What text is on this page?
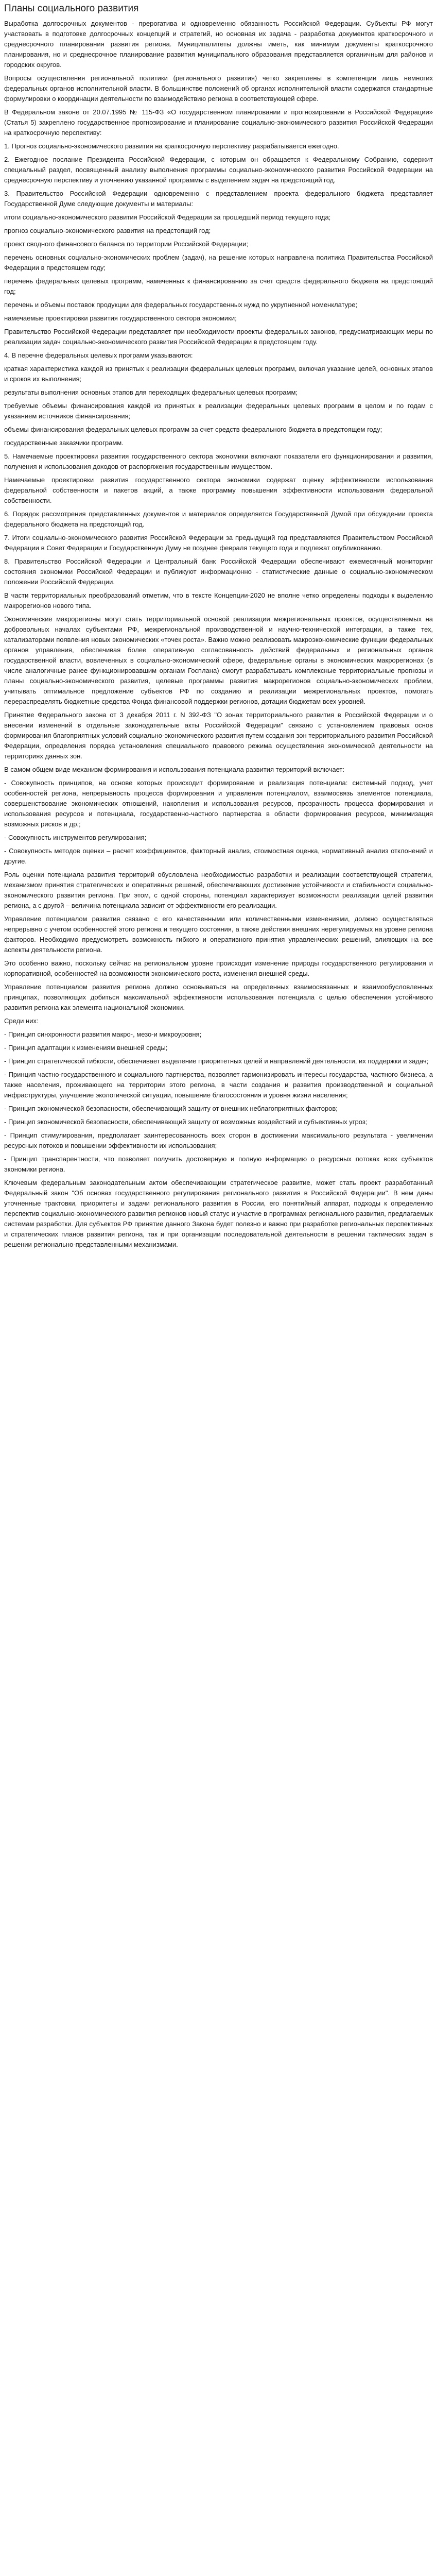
Планы социального развития

Выработка долгосрочных документов - прерогатива и одновременно обязанность Российской Федерации. Субъекты РФ могут участвовать в подготовке долгосрочных концепций и стратегий, но основная их задача - разработка документов краткосрочного и среднесрочного планирования развития региона. Муниципалитеты должны иметь, как минимум документы краткосрочного планирования, но и среднесрочное планирование развития муниципального образования представляется органичным для районов и городских округов.

Вопросы осуществления региональной политики (регионального развития) четко закреплены в компетенции лишь немногих федеральных органов исполнительной власти. В большинстве положений об органах исполнительной власти содержатся стандартные формулировки о координации деятельности по взаимодействию региона в соответствующей сфере.

В Федеральном законе от 20.07.1995 № 115-ФЗ «О государственном планировании и прогнозировании в Российской Федерации» (Статья 5) закреплено государственное прогнозирование и планирование социально-экономического развития Российской Федерации на краткосрочную перспективу:

1. Прогноз социально-экономического развития на краткосрочную перспективу разрабатывается ежегодно.

2. Ежегодное послание Президента Российской Федерации, с которым он обращается к Федеральному Собранию, содержит специальный раздел, посвященный анализу выполнения программы социально-экономического развития Российской Федерации на среднесрочную перспективу и уточнению указанной программы с выделением задач на предстоящий год.

3. Правительство Российской Федерации одновременно с представлением проекта федерального бюджета представляет Государственной Думе следующие документы и материалы:

итоги социально-экономического развития Российской Федерации за прошедший период текущего года;

прогноз социально-экономического развития на предстоящий год;

проект сводного финансового баланса по территории Российской Федерации;

перечень основных социально-экономических проблем (задач), на решение которых направлена политика Правительства Российской Федерации в предстоящем году;

перечень федеральных целевых программ, намеченных к финансированию за счет средств федерального бюджета на предстоящий год;

перечень и объемы поставок продукции для федеральных государственных нужд по укрупненной номенклатуре;

намечаемые проектировки развития государственного сектора экономики;

Правительство Российской Федерации представляет при необходимости проекты федеральных законов, предусматривающих меры по реализации задач социально-экономического развития Российской Федерации в предстоящем году.

4. В перечне федеральных целевых программ указываются:

краткая характеристика каждой из принятых к реализации федеральных целевых программ, включая указание целей, основных этапов и сроков их выполнения;

результаты выполнения основных этапов для переходящих федеральных целевых программ;

требуемые объемы финансирования каждой из принятых к реализации федеральных целевых программ в целом и по годам с указанием источников финансирования;

объемы финансирования федеральных целевых программ за счет средств федерального бюджета в предстоящем году;

государственные заказчики программ.

5. Намечаемые проектировки развития государственного сектора экономики включают показатели его функционирования и развития, получения и использования доходов от распоряжения государственным имуществом.

Намечаемые проектировки развития государственного сектора экономики содержат оценку эффективности использования федеральной собственности и пакетов акций, а также программу повышения эффективности использования федеральной собственности.

6. Порядок рассмотрения представленных документов и материалов определяется Государственной Думой при обсуждении проекта федерального бюджета на предстоящий год.

7. Итоги социально-экономического развития Российской Федерации за предыдущий год представляются Правительством Российской Федерации в Совет Федерации и Государственную Думу не позднее февраля текущего года и подлежат опубликованию.

8. Правительство Российской Федерации и Центральный банк Российской Федерации обеспечивают ежемесячный мониторинг состояния экономики Российской Федерации и публикуют информационно - статистические данные о социально-экономическом положении Российской Федерации.

В части территориальных преобразований отметим, что в тексте Концепции-2020 не вполне четко определены подходы к выделению макрорегионов нового типа.

Экономические макрорегионы могут стать территориальной основой реализации межрегиональных проектов, осуществляемых на добровольных началах субъектами РФ, межрегиональной производственной и научно-технической интеграции, а также тех, катализаторами появления новых экономических «точек роста». Важно можно реализовать макроэкономические функции федеральных органов управления, обеспечивая более оперативную согласованность действий федеральных и региональных органов государственной власти, вовлеченных в социально-экономический сфере, федеральные органы в экономических макрорегионах (в числе аналогичные ранее функционировавшим органам Госплана) смогут разрабатывать комплексные территориальные прогнозы и планы социально-экономического развития, целевые программы развития макрорегионов социально-экономических проблем, учитывать оптимальное предложение субъектов РФ по созданию и реализации межрегиональных проектов, помогать перераспределять бюджетные средства Фонда финансовой поддержки регионов, дотации бюджетам всех уровней.

Принятие Федерального закона от 3 декабря 2011 г. N 392-ФЗ "О зонах территориального развития в Российской Федерации и о внесении изменений в отдельные законодательные акты Российской Федерации" связано с установлением правовых основ формирования благоприятных условий социально-экономического развития путем создания зон территориального развития Российской Федерации, определения порядка установления специального правового режима осуществления экономической деятельности на территориях данных зон.

В самом общем виде механизм формирования и использования потенциала развития территорий включает:

- Совокупность принципов, на основе которых происходит формирование и реализация потенциала: системный подход, учет особенностей региона, непрерывность процесса формирования и управления потенциалом, взаимосвязь элементов потенциала, совершенствование экономических отношений, накопления и использования ресурсов, прозрачность процесса формирования и использования ресурсов и потенциала, государственно-частного партнерства в области формирования ресурсов, минимизация возможных рисков и др.;

- Совокупность инструментов регулирования;

- Совокупность методов оценки – расчет коэффициентов, факторный анализ, стоимостная оценка, нормативный анализ отклонений и другие.

Роль оценки потенциала развития территорий обусловлена необходимостью разработки и реализации соответствующей стратегии, механизмом принятия стратегических и оперативных решений, обеспечивающих достижение устойчивости и стабильности социально-экономического развития региона. При этом, с одной стороны, потенциал характеризует возможности реализации целей развития региона, а с другой – величина потенциала зависит от эффективности его реализации.

Управление потенциалом развития связано с его качественными или количественными изменениями, должно осуществляться непрерывно с учетом особенностей этого региона и текущего состояния, а также действия внешних нерегулируемых на уровне региона факторов. Необходимо предусмотреть возможность гибкого и оперативного принятия управленческих решений, влияющих на все аспекты деятельности региона.

Это особенно важно, поскольку сейчас на региональном уровне происходит изменение природы государственного регулирования и корпоративной, особенностей на возможности экономического роста, изменения внешней среды.

Управление потенциалом развития региона должно основываться на определенных взаимосвязанных и взаимообусловленных принципах, позволяющих добиться максимальной эффективности использования потенциала с целью обеспечения устойчивого развития региона как элемента национальной экономики.

Среди них:

- Принцип синхронности развития макро-, мезо-и микроуровня;

- Принцип адаптации к изменениям внешней среды;

- Принцип стратегической гибкости, обеспечивает выделение приоритетных целей и направлений деятельности, их поддержки и задач;

- Принцип частно-государственного и социального партнерства, позволяет гармонизировать интересы государства, частного бизнеса, а также населения, проживающего на территории этого региона, в части создания и развития производственной и социальной инфраструктуры, улучшение экологической ситуации, повышение благосостояния и уровня жизни населения;

- Принцип экономической безопасности, обеспечивающий защиту от внешних неблагоприятных факторов;

- Принцип экономической безопасности, обеспечивающий защиту от возможных воздействий и субъективных угроз;

- Принцип стимулирования, предполагает заинтересованность всех сторон в достижении максимального результата - увеличении ресурсных потоков и повышении эффективности их использования;

- Принцип транспарентности, что позволяет получить достоверную и полную информацию о ресурсных потоках всех субъектов экономики региона.

Ключевым федеральным законодательным актом обеспечивающим стратегическое развитие, может стать проект разработанный Федеральный закон "Об основах государственного регулирования регионального развития в Российской Федерации". В нем даны уточненные трактовки, приоритеты и задачи регионального развития в России, его понятийный аппарат, подходы к определению перспектив социально-экономического развития регионов новый статус и участие в программах регионального развития, предлагаемых системам разработки. Для субъектов РФ принятие данного Закона будет полезно и важно при разработке региональных перспективных и стратегических планов развития региона, так и при организации последовательной деятельности в решении тактических задач в решении регионально-представленными механизмами.
